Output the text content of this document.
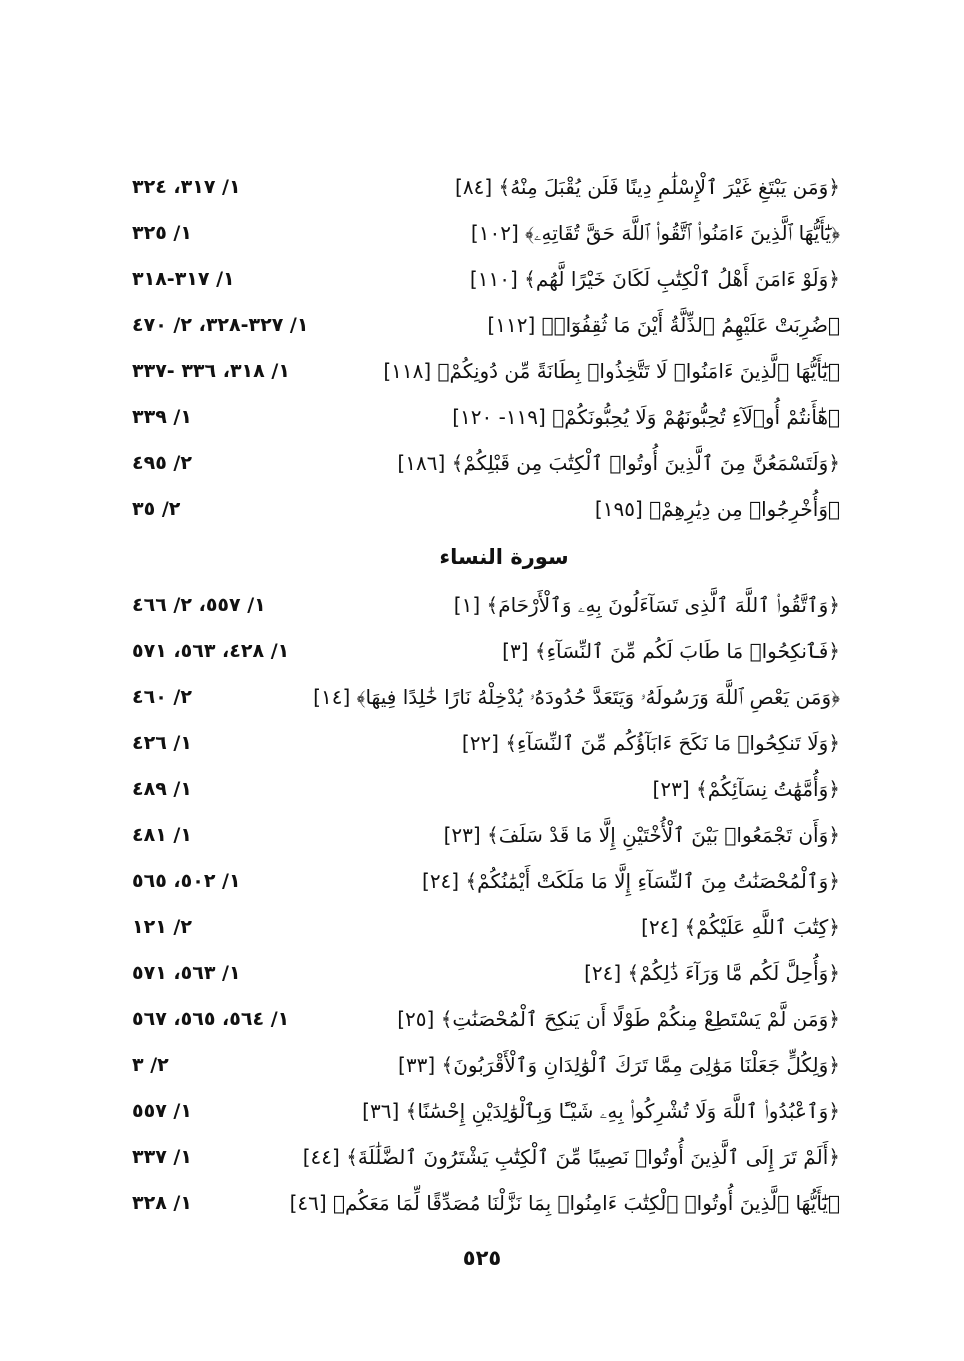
﴿وَمَن يَبْتَغِ غَيْرَ ٱلْإِسْلَٰمِ دِينًا فَلَن يُقْبَلَ مِنْهُ﴾ [٨٤]
١/ ٣١٧، ٣٢٤
﴿يَٰٓأَيُّهَا ٱلَّذِينَ ءَامَنُوا۟ ٱتَّقُوا۟ ٱللَّهَ حَقَّ تُقَاتِهِۦ﴾ [١٠٢]
١/ ٣٢٥
﴿وَلَوْ ءَامَنَ أَهْلُ ٱلْكِتَٰبِ لَكَانَ خَيْرًا لَّهُم﴾ [١١٠]
١/ ٣١٧-٣١٨
﴿ضُرِبَتْ عَلَيْهِمُ ٱلذِّلَّةُ أَيْنَ مَا ثُقِفُوٓا۟﴾ [١١٢]
١/ ٣٢٧-٣٢٨، ٢/ ٤٧٠
﴿يَٰٓأَيُّهَا ٱلَّذِينَ ءَامَنُوا۟ لَا تَتَّخِذُوا۟ بِطَانَةً مِّن دُونِكُمْ﴾ [١١٨]
١/ ٣١٨، ٣٣٦ -٣٣٧
﴿هَٰٓأَنتُمْ أُو۟لَآءِ تُحِبُّونَهُمْ وَلَا يُحِبُّونَكُمْ﴾ [١١٩- ١٢٠]
١/ ٣٣٩
﴿وَلَتَسْمَعُنَّ مِنَ ٱلَّذِينَ أُوتُوا۟ ٱلْكِتَٰبَ مِن قَبْلِكُمْ﴾ [١٨٦]
٢/ ٤٩٥
﴿وَأُخْرِجُوا۟ مِن دِيَٰرِهِمْ﴾ [١٩٥]
٢/ ٣٥
سورة النساء
﴿وَٱتَّقُوا۟ ٱللَّهَ ٱلَّذِى تَسَآءَلُونَ بِهِۦ وَٱلْأَرْحَامَ﴾ [١]
١/ ٥٥٧، ٢/ ٤٦٦
﴿فَٱنكِحُوا۟ مَا طَابَ لَكُم مِّنَ ٱلنِّسَآءِ﴾ [٣]
١/ ٤٢٨، ٥٦٣، ٥٧١
﴿وَمَن يَعْصِ ٱللَّهَ وَرَسُولَهُۥ وَيَتَعَدَّ حُدُودَهُۥ يُدْخِلْهُ نَارًا خَٰلِدًا فِيهَا﴾ [١٤]
٢/ ٤٦٠
﴿وَلَا تَنكِحُوا۟ مَا نَكَحَ ءَابَآؤُكُم مِّنَ ٱلنِّسَآءِ﴾ [٢٢]
١/ ٤٢٦
﴿وَأُمَّهَٰتُ نِسَآئِكُمْ﴾ [٢٣]
١/ ٤٨٩
﴿وَأَن تَجْمَعُوا۟ بَيْنَ ٱلْأُخْتَيْنِ إِلَّا مَا قَدْ سَلَفَ﴾ [٢٣]
١/ ٤٨١
﴿وَٱلْمُحْصَنَٰتُ مِنَ ٱلنِّسَآءِ إِلَّا مَا مَلَكَتْ أَيْمَٰنُكُمْ﴾ [٢٤]
١/ ٥٠٢، ٥٦٥
﴿كِتَٰبَ ٱللَّهِ عَلَيْكُمْ﴾ [٢٤]
٢/ ١٢١
﴿وَأُحِلَّ لَكُم مَّا وَرَآءَ ذَٰلِكُمْ﴾ [٢٤]
١/ ٥٦٣، ٥٧١
﴿وَمَن لَّمْ يَسْتَطِعْ مِنكُمْ طَوْلًا أَن يَنكِحَ ٱلْمُحْصَنَٰتِ﴾ [٢٥]
١/ ٥٦٤، ٥٦٥، ٥٦٧
﴿وَلِكُلٍّ جَعَلْنَا مَوَٰلِىَ مِمَّا تَرَكَ ٱلْوَٰلِدَانِ وَٱلْأَقْرَبُونَ﴾ [٣٣]
٢/ ٣
﴿وَٱعْبُدُوا۟ ٱللَّهَ وَلَا تُشْرِكُوا۟ بِهِۦ شَيْـًٔا وَبِٱلْوَٰلِدَيْنِ إِحْسَٰنًا﴾ [٣٦]
١/ ٥٥٧
﴿أَلَمْ تَرَ إِلَى ٱلَّذِينَ أُوتُوا۟ نَصِيبًا مِّنَ ٱلْكِتَٰبِ يَشْتَرُونَ ٱلضَّلَٰلَةَ﴾ [٤٤]
١/ ٣٣٧
﴿يَٰٓأَيُّهَا ٱلَّذِينَ أُوتُوا۟ ٱلْكِتَٰبَ ءَامِنُوا۟ بِمَا نَزَّلْنَا مُصَدِّقًا لِّمَا مَعَكُم﴾ [٤٦]
١/ ٣٢٨
٥٢٥
